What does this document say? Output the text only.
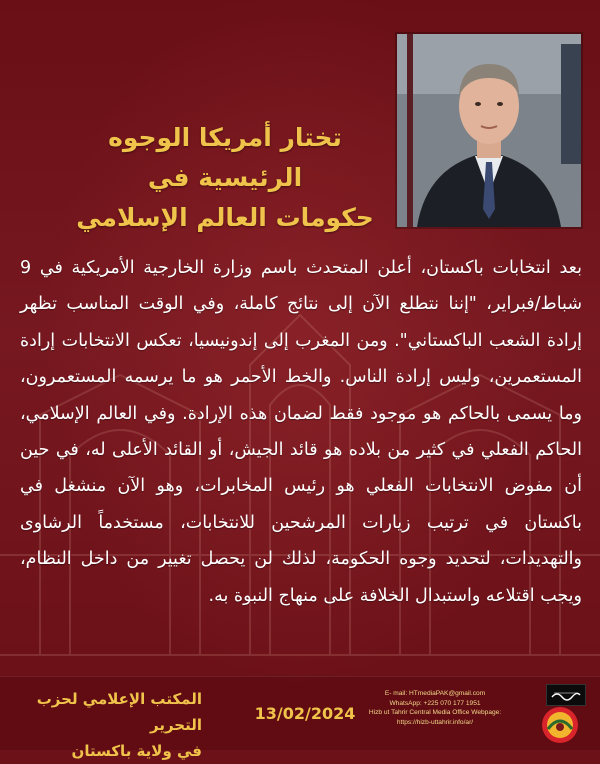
تختار أمريكا الوجوه الرئيسية في
حكومات العالم الإسلامي
بعد انتخابات باكستان، أعلن المتحدث باسم وزارة الخارجية الأمريكية في 9 شباط/فبراير، "إننا نتطلع الآن إلى نتائج كاملة، وفي الوقت المناسب تظهر إرادة الشعب الباكستاني". ومن المغرب إلى إندونيسيا، تعكس الانتخابات إرادة المستعمرين، وليس إرادة الناس. والخط الأحمر هو ما يرسمه المستعمرون، وما يسمى بالحاكم هو موجود فقط لضمان هذه الإرادة. وفي العالم الإسلامي، الحاكم الفعلي في كثير من بلاده هو قائد الجيش، أو القائد الأعلى له، في حين أن مفوض الانتخابات الفعلي هو رئيس المخابرات، وهو الآن منشغل في باكستان في ترتيب زيارات المرشحين للانتخابات، مستخدماً الرشاوى والتهديدات، لتحديد وجوه الحكومة، لذلك لن يحصل تغيير من داخل النظام، ويجب اقتلاعه واستبدال الخلافة على منهاج النبوة به.
المكتب الإعلامي لحزب التحرير
في ولاية باكستان
13/02/2024
E- mail: HTmediaPAK@gmail.com
WhatsApp: +225 070 177 1951
Hizb ut Tahrir Central Media Office Webpage:
https://hizb-uttahrir.info/ar/
